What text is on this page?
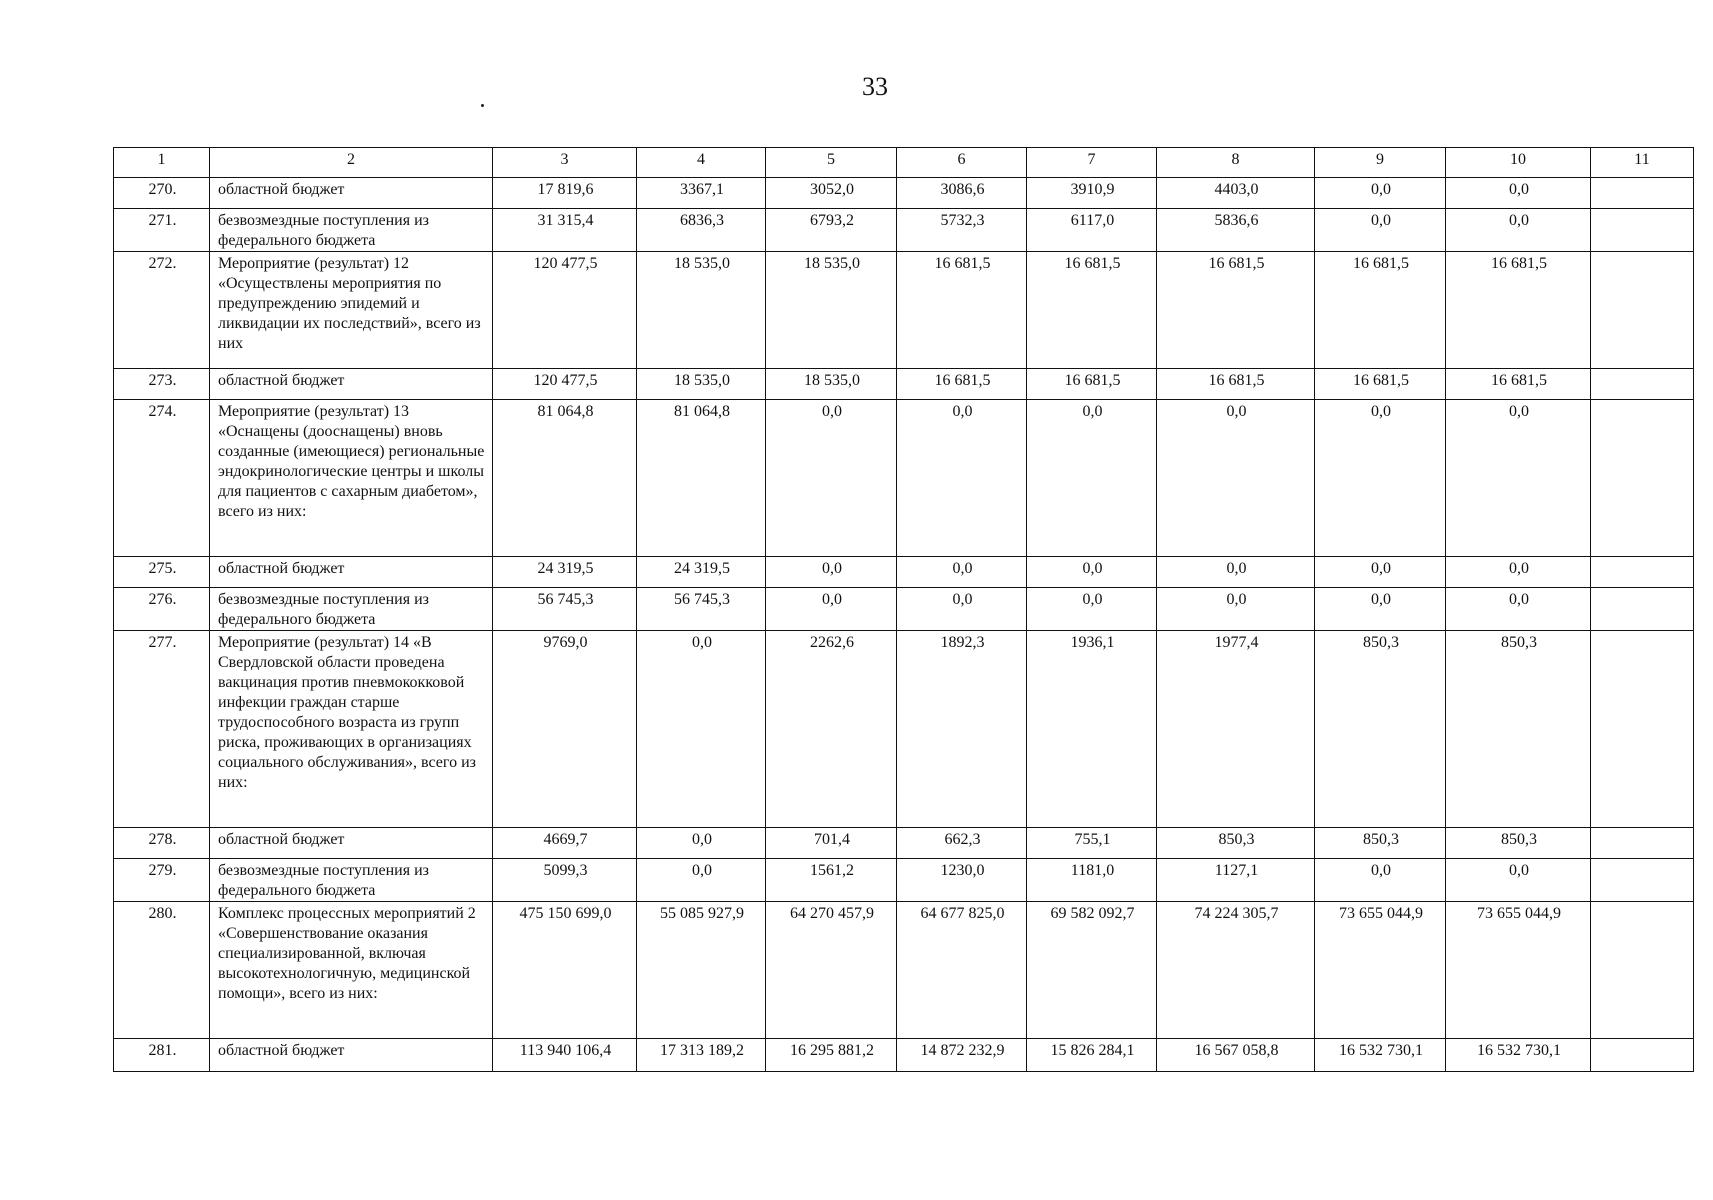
33
1	2	3	4	5	6	7	8	9	10	11
270.	областной бюджет	17 819,6	3367,1	3052,0	3086,6	3910,9	4403,0	0,0	0,0	
271.	безвозмездные поступления из федерального бюджета	31 315,4	6836,3	6793,2	5732,3	6117,0	5836,6	0,0	0,0	
272.	Мероприятие (результат) 12 «Осуществлены мероприятия по предупреждению эпидемий и ликвидации их последствий», всего из них	120 477,5	18 535,0	18 535,0	16 681,5	16 681,5	16 681,5	16 681,5	16 681,5	
273.	областной бюджет	120 477,5	18 535,0	18 535,0	16 681,5	16 681,5	16 681,5	16 681,5	16 681,5	
274.	Мероприятие (результат) 13 «Оснащены (дооснащены) вновь созданные (имеющиеся) региональные эндокринологические центры и школы для пациентов с сахарным диабетом», всего из них:	81 064,8	81 064,8	0,0	0,0	0,0	0,0	0,0	0,0	
275.	областной бюджет	24 319,5	24 319,5	0,0	0,0	0,0	0,0	0,0	0,0	
276.	безвозмездные поступления из федерального бюджета	56 745,3	56 745,3	0,0	0,0	0,0	0,0	0,0	0,0	
277.	Мероприятие (результат) 14 «В Свердловской области проведена вакцинация против пневмококковой инфекции граждан старше трудоспособного возраста из групп риска, проживающих в организациях социального обслуживания», всего из них:	9769,0	0,0	2262,6	1892,3	1936,1	1977,4	850,3	850,3	
278.	областной бюджет	4669,7	0,0	701,4	662,3	755,1	850,3	850,3	850,3	
279.	безвозмездные поступления из федерального бюджета	5099,3	0,0	1561,2	1230,0	1181,0	1127,1	0,0	0,0	
280.	Комплекс процессных мероприятий 2 «Совершенствование оказания специализированной, включая высокотехнологичную, медицинской помощи», всего из них:	475 150 699,0	55 085 927,9	64 270 457,9	64 677 825,0	69 582 092,7	74 224 305,7	73 655 044,9	73 655 044,9	
281.	областной бюджет	113 940 106,4	17 313 189,2	16 295 881,2	14 872 232,9	15 826 284,1	16 567 058,8	16 532 730,1	16 532 730,1	
